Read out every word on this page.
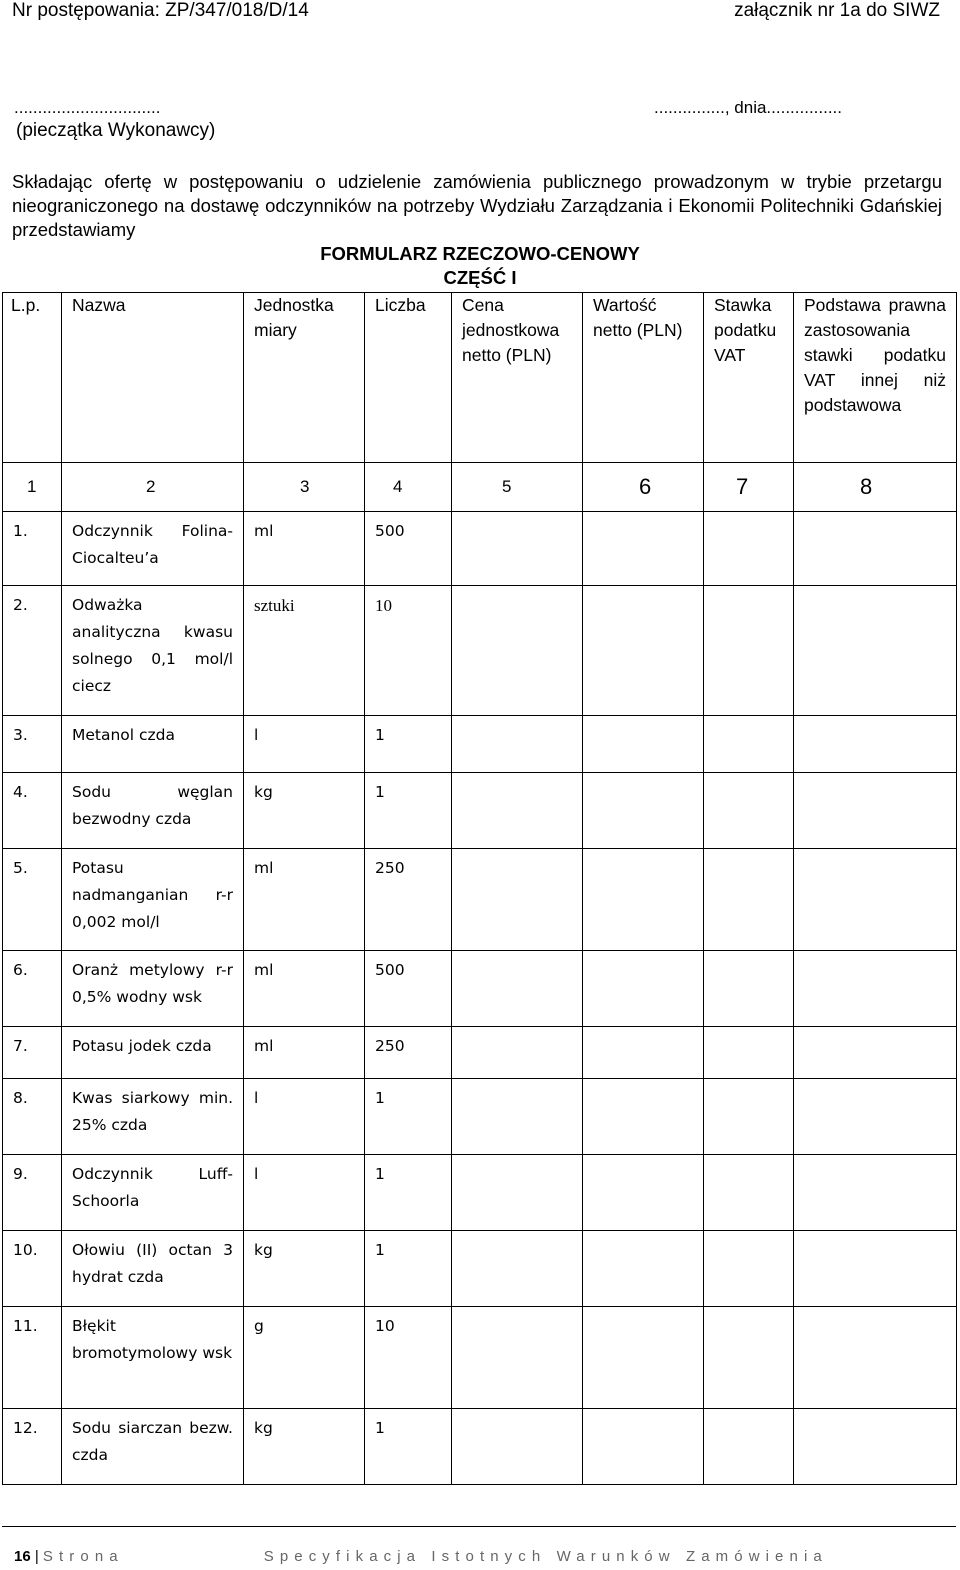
Nr postępowania: ZP/347/018/D/14	załącznik nr 1a do SIWZ
...............................
(pieczątka Wykonawcy)
..............., dnia................
Składając ofertę w postępowaniu o udzielenie zamówienia publicznego prowadzonym w trybie przetargu nieograniczonego na dostawę odczynników na potrzeby Wydziału Zarządzania i Ekonomii Politechniki Gdańskiej przedstawiamy
FORMULARZ RZECZOWO-CENOWY
CZĘŚĆ I
L.p.	Nazwa	Jednostka miary	Liczba	Cena jednostkowa netto (PLN)	Wartość netto (PLN)	Stawka podatku VAT	Podstawa prawna zastosowania stawki podatku VAT innej niż podstawowa
1	2	3	4	5	6	7	8
1.	Odczynnik Folina-Ciocalteu’a	ml	500				
2.	Odważka analityczna kwasu solnego 0,1 mol/l ciecz	sztuki	10				
3.	Metanol czda	l	1				
4.	Sodu węglan bezwodny czda	kg	1				
5.	Potasu nadmanganian r-r 0,002 mol/l	ml	250				
6.	Oranż metylowy r-r 0,5% wodny wsk	ml	500				
7.	Potasu jodek czda	ml	250				
8.	Kwas siarkowy min. 25% czda	l	1				
9.	Odczynnik Luff-Schoorla	l	1				
10.	Ołowiu (II) octan 3 hydrat czda	kg	1				
11.	Błękit bromotymolowy wsk	g	10				
12.	Sodu siarczan bezw. czda	kg	1				
16 | Strona	Specyfikacja Istotnych Warunków Zamówienia
